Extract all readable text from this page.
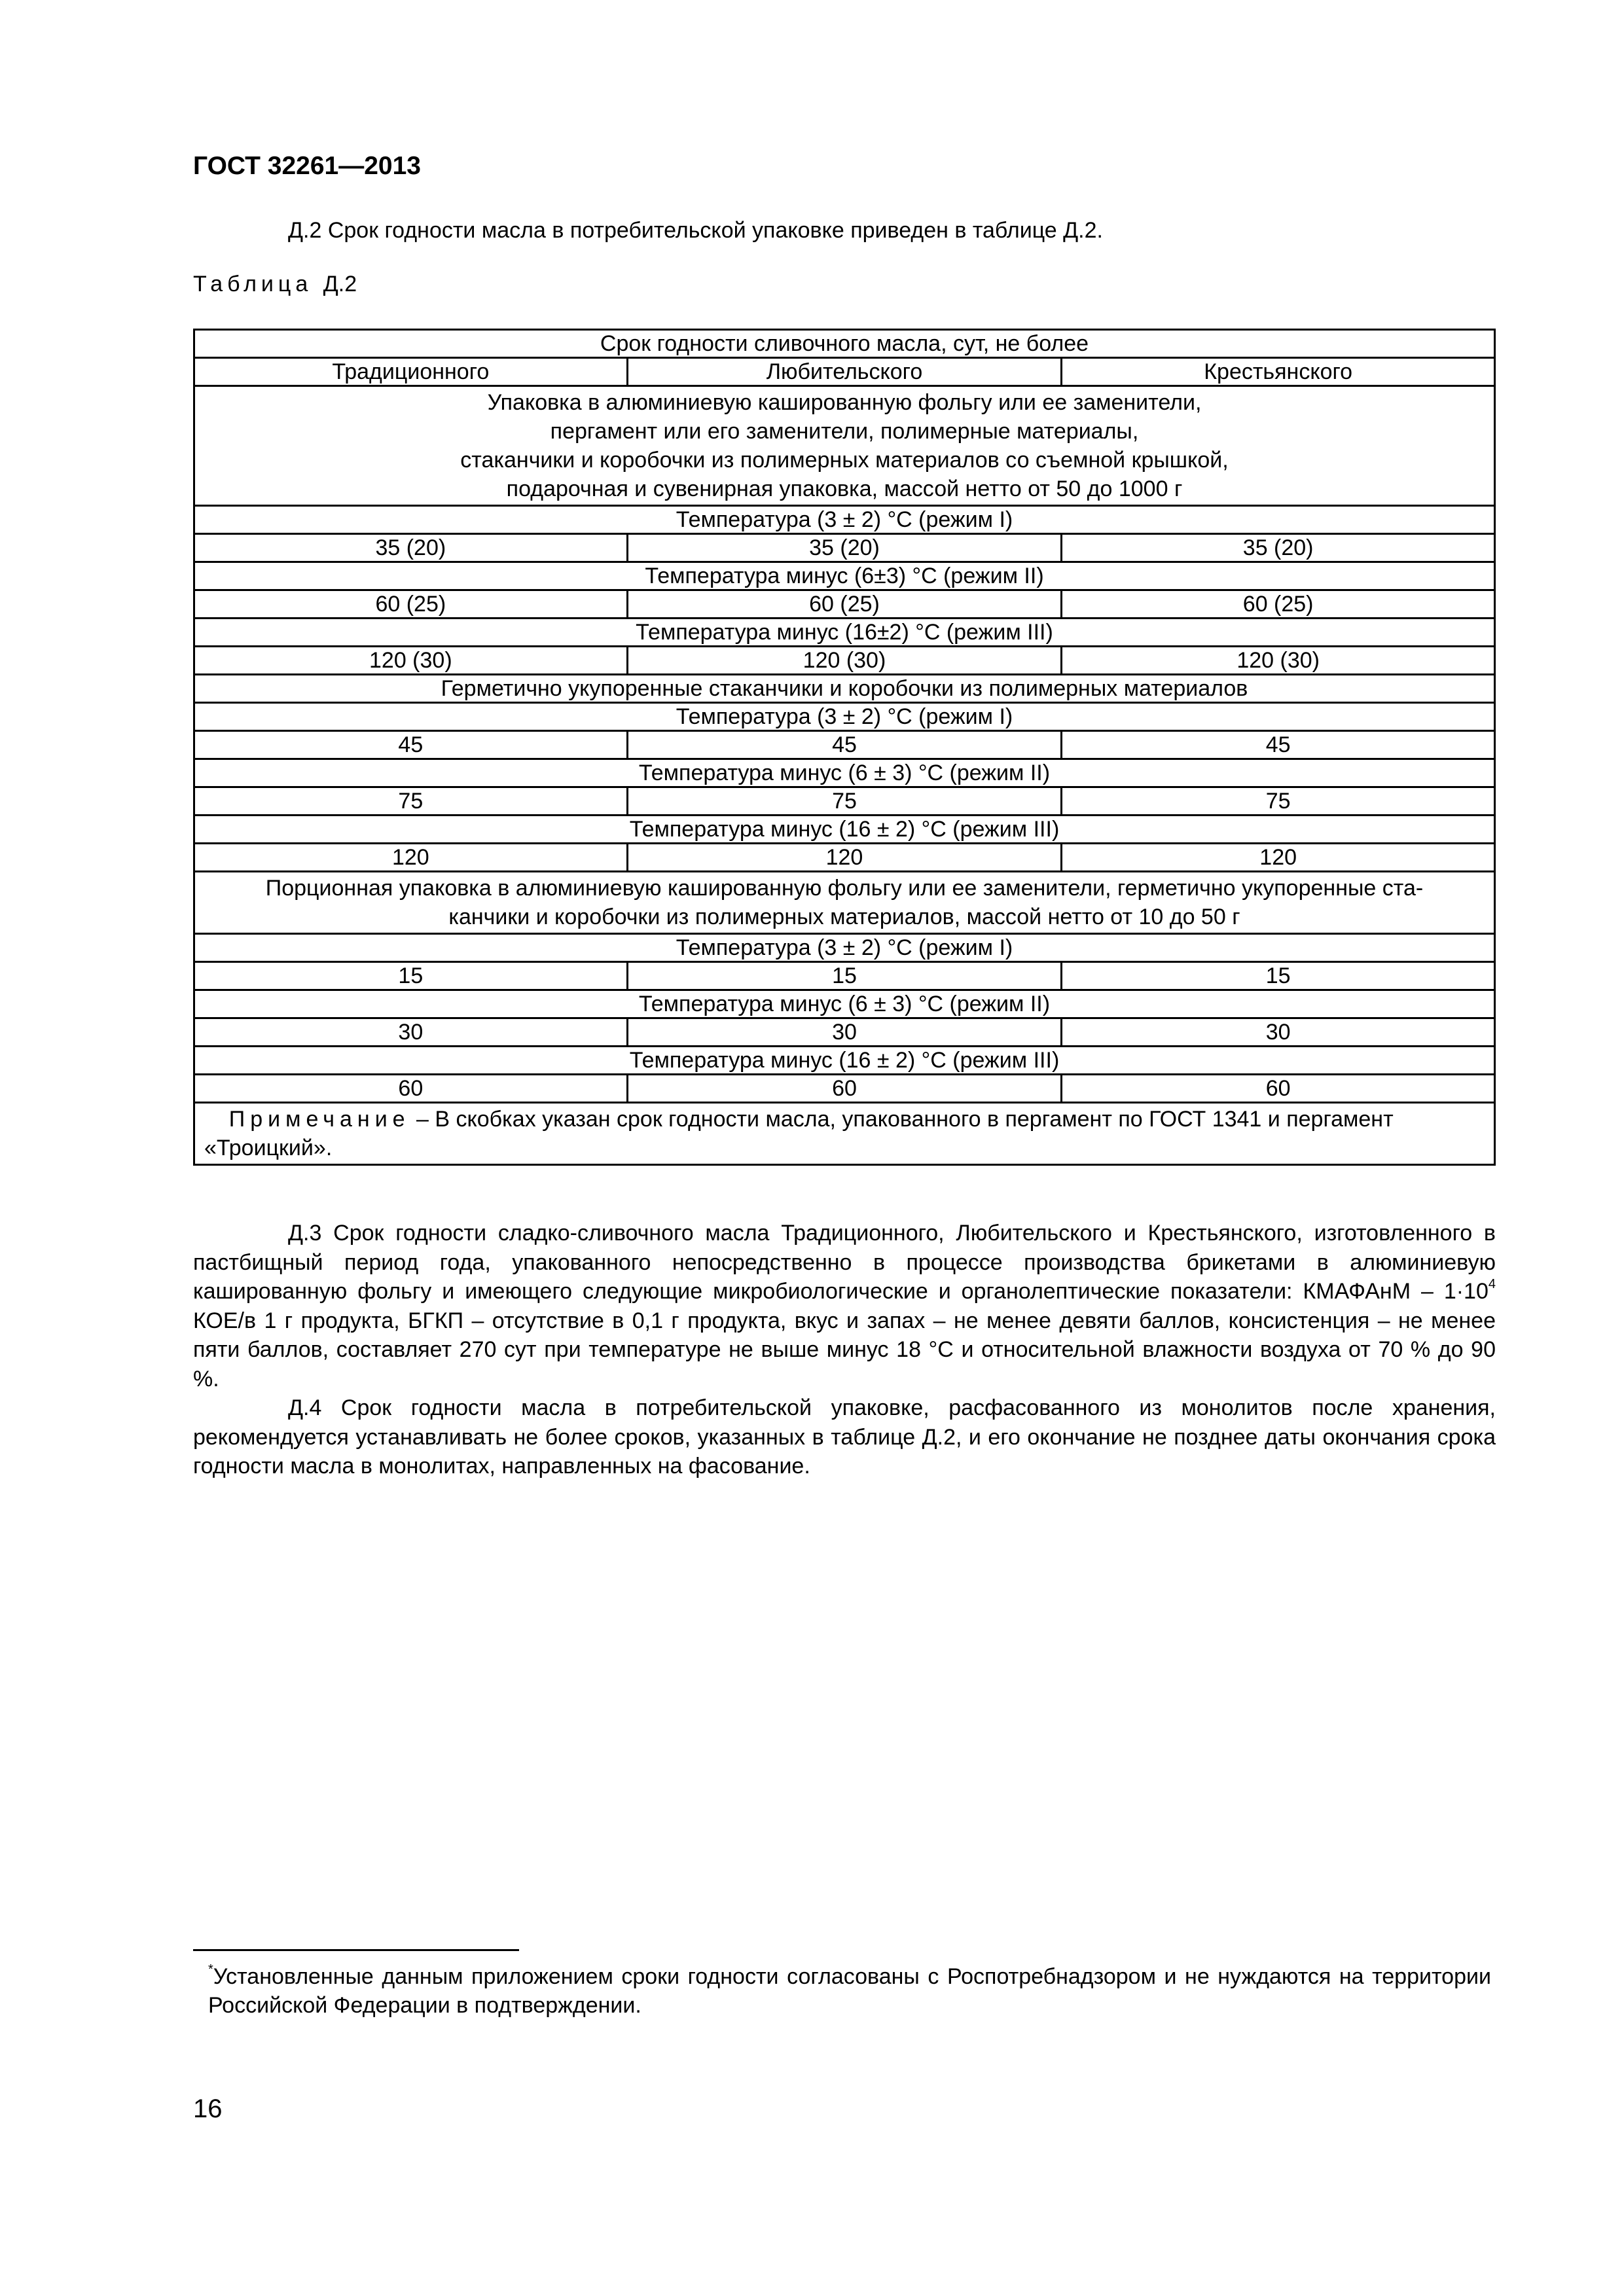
ГОСТ 32261—2013
Д.2 Срок годности масла в потребительской упаковке приведен в таблице Д.2.
Таблица Д.2
Срок годности сливочного масла, сут, не более		
Традиционного	Любительского	Крестьянского

Упаковка в алюминиевую кашированную фольгу или ее заменители,
пергамент или его заменители, полимерные материалы,
стаканчики и коробочки из полимерных материалов со съемной крышкой,
подарочная и сувенирная упаковка, массой нетто от 50 до 1000 г		

Температура (3 ± 2) °С (режим I)		
35 (20)	35 (20)	35 (20)
Температура минус (6±3) °С (режим II)		
60 (25)	60 (25)	60 (25)
Температура минус (16±2) °С (режим III)		
120 (30)	120 (30)	120 (30)
Герметично укупоренные стаканчики и коробочки из полимерных материалов		
Температура (3 ± 2) °С (режим I)		
45	45	45
Температура минус (6 ± 3) °С (режим II)		
75	75	75
Температура минус (16 ± 2) °С (режим III)		
120	120	120

Порционная упаковка в алюминиевую кашированную фольгу или ее заменители, герметично укупоренные ста-
канчики и коробочки из полимерных материалов, массой нетто от 10 до 50 г		

Температура (3 ± 2) °С (режим I)		
15	15	15
Температура минус (6 ± 3) °С (режим II)		
30	30	30
Температура минус (16 ± 2) °С (режим III)		
60	60	60
Примечание – В скобках указан срок годности масла, упакованного в пергамент по ГОСТ 1341 и пергамент «Троицкий».		

Д.3 Срок годности сладко-сливочного масла Традиционного, Любительского и Крестьянского, изготовленного в пастбищный период года, упакованного непосредственно в процессе производства брикетами в алюминиевую кашированную фольгу и имеющего следующие микробиологические и органолептические показатели: КМАФАнМ – $1\cdot 10^4$ КОЕ/в 1 г продукта, БГКП – отсутствие в 0,1 г продукта, вкус и запах – не менее девяти баллов, консистенция – не менее пяти баллов, составляет 270 сут при температуре не выше минус 18 °С и относительной влажности воздуха от 70 % до 90 %.

Д.4 Срок годности масла в потребительской упаковке, расфасованного из монолитов после хранения, рекомендуется устанавливать не более сроков, указанных в таблице Д.2, и его окончание не позднее даты окончания срока годности масла в монолитах, направленных на фасование.

*Установленные данным приложением сроки годности согласованы с Роспотребнадзором и не нуждаются на территории Российской Федерации в подтверждении.
16
